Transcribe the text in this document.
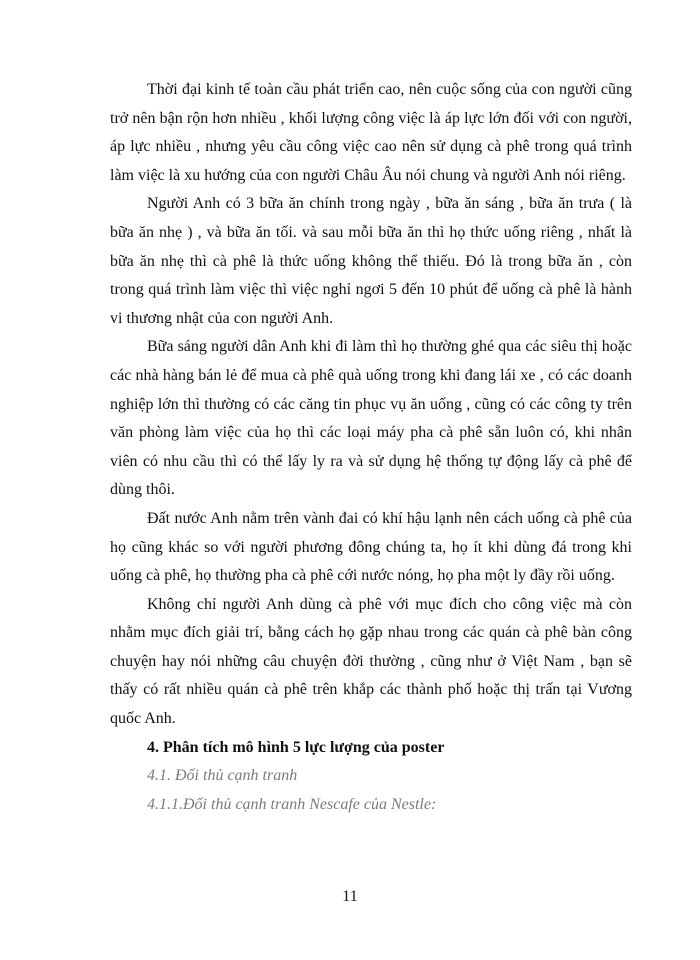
Thời đại kinh tế toàn cầu phát triển cao, nên cuộc sống của con người cũng trở nên bận rộn hơn nhiều , khối lượng công việc là áp lực lớn đối với con người, áp lực nhiều , nhưng yêu cầu công việc cao nên sử dụng cà phê trong quá trình làm việc là xu hướng của con người Châu Âu nói chung và người Anh nói riêng.

Người Anh có 3 bữa ăn chính trong ngày , bữa ăn sáng , bữa ăn trưa ( là bữa ăn nhẹ ) , và bữa ăn tối. và sau mỗi bữa ăn thì họ thức uống riêng , nhất là bữa ăn nhẹ thì cà phê là thức uống không thể thiếu. Đó là trong bữa ăn , còn trong quá trình làm việc thì việc nghỉ ngơi 5 đến 10 phút để uống cà phê là hành vi thương nhật của con người Anh.

Bữa sáng người dân Anh khi đi làm thì họ thường ghé qua các siêu thị hoặc các nhà hàng bán lẻ để mua cà phê quà uống trong khi đang lái xe , có các doanh nghiệp lớn thì thường có các căng tin phục vụ ăn uống , cũng có các công ty trên văn phòng làm việc của họ thì các loại máy pha cà phê sẵn luôn có, khi nhân viên có nhu cầu thì có thể lấy ly ra và sử dụng hệ thống tự động lấy cà phê để dùng thôi.

Đất nước Anh nằm trên vành đai có khí hậu lạnh nên cách uống cà phê của họ cũng khác so với người phương đông chúng ta, họ ít khi dùng đá trong khi uống cà phê, họ thường pha cà phê cới nước nóng, họ pha một ly đầy rồi uống.

Không chỉ người Anh dùng cà phê với mục đích cho công việc mà còn nhằm mục đích giải trí, bằng cách họ gặp nhau trong các quán cà phê bàn công chuyện hay nói những câu chuyện đời thường , cũng như ở Việt Nam , bạn sẽ thấy có rất nhiều quán cà phê trên khắp các thành phố hoặc thị trấn tại Vương quốc Anh.

4. Phân tích mô hình 5 lực lượng của poster
4.1. Đối thủ cạnh tranh
4.1.1.Đối thủ cạnh tranh Nescafe của Nestle:
11
